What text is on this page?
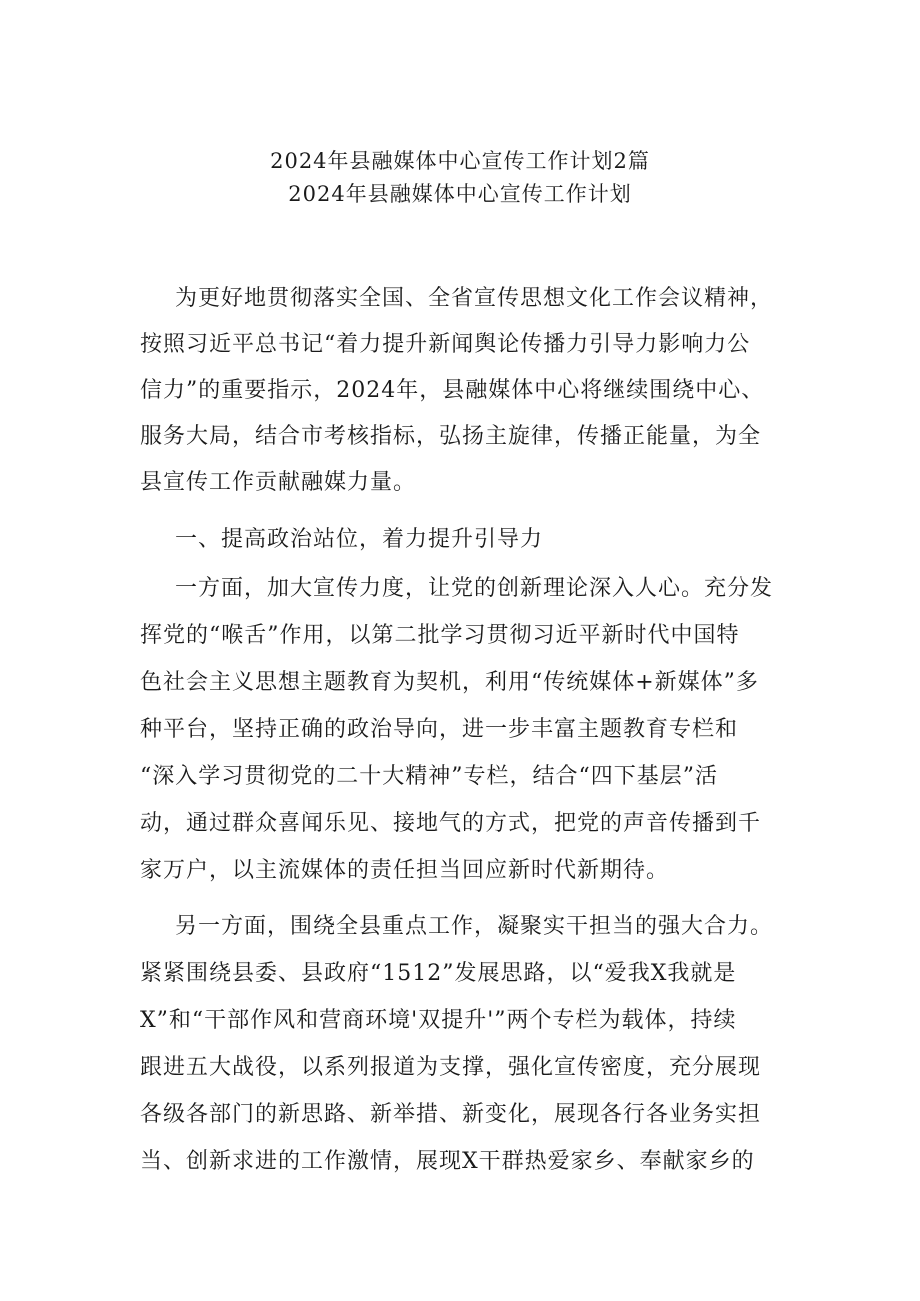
2024年县融媒体中心宣传工作计划2篇
2024年县融媒体中心宣传工作计划
为更好地贯彻落实全国、全省宣传思想文化工作会议精神，
按照习近平总书记“着力提升新闻舆论传播力引导力影响力公
信力”的重要指示，2024年，县融媒体中心将继续围绕中心、
服务大局，结合市考核指标，弘扬主旋律，传播正能量，为全
县宣传工作贡献融媒力量。
一、提高政治站位，着力提升引导力
一方面，加大宣传力度，让党的创新理论深入人心。充分发
挥党的“喉舌”作用，以第二批学习贯彻习近平新时代中国特
色社会主义思想主题教育为契机，利用“传统媒体+新媒体”多
种平台，坚持正确的政治导向，进一步丰富主题教育专栏和
“深入学习贯彻党的二十大精神”专栏，结合“四下基层”活
动，通过群众喜闻乐见、接地气的方式，把党的声音传播到千
家万户，以主流媒体的责任担当回应新时代新期待。
另一方面，围绕全县重点工作，凝聚实干担当的强大合力。
紧紧围绕县委、县政府“1512”发展思路，以“爱我X我就是
X”和“干部作风和营商环境'双提升'”两个专栏为载体，持续
跟进五大战役，以系列报道为支撑，强化宣传密度，充分展现
各级各部门的新思路、新举措、新变化，展现各行各业务实担
当、创新求进的工作激情，展现X干群热爱家乡、奉献家乡的
